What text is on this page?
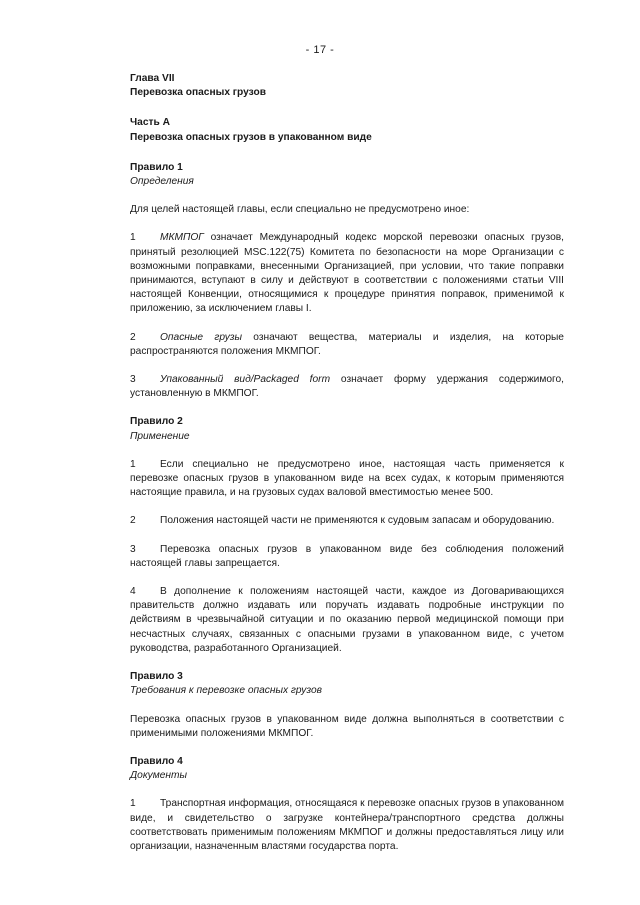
- 17 -

Глава VII

Перевозка опасных грузов

Часть А

Перевозка опасных грузов в упакованном виде

Правило 1

Определения

Для целей настоящей главы, если специально не предусмотрено иное:

1 МКМПОГ означает Международный кодекс морской перевозки опасных грузов, принятый резолюцией MSC.122(75) Комитета по безопасности на море Организации с возможными поправками, внесенными Организацией, при условии, что такие поправки принимаются, вступают в силу и действуют в соответствии с положениями статьи VIII настоящей Конвенции, относящимися к процедуре принятия поправок, применимой к приложению, за исключением главы I.

2 Опасные грузы означают вещества, материалы и изделия, на которые распространяются положения МКМПОГ.

3 Упакованный вид/Packaged form означает форму удержания содержимого, установленную в МКМПОГ.

Правило 2

Применение

1 Если специально не предусмотрено иное, настоящая часть применяется к перевозке опасных грузов в упакованном виде на всех судах, к которым применяются настоящие правила, и на грузовых судах валовой вместимостью менее 500.

2 Положения настоящей части не применяются к судовым запасам и оборудованию.

3 Перевозка опасных грузов в упакованном виде без соблюдения положений настоящей главы запрещается.

4 В дополнение к положениям настоящей части, каждое из Договаривающихся правительств должно издавать или поручать издавать подробные инструкции по действиям в чрезвычайной ситуации и по оказанию первой медицинской помощи при несчастных случаях, связанных с опасными грузами в упакованном виде, с учетом руководства, разработанного Организацией.

Правило 3

Требования к перевозке опасных грузов

Перевозка опасных грузов в упакованном виде должна выполняться в соответствии с применимыми положениями МКМПОГ.

Правило 4

Документы

1 Транспортная информация, относящаяся к перевозке опасных грузов в упакованном виде, и свидетельство о загрузке контейнера/транспортного средства должны соответствовать применимым положениям МКМПОГ и должны предоставляться лицу или организации, назначенным властями государства порта.
